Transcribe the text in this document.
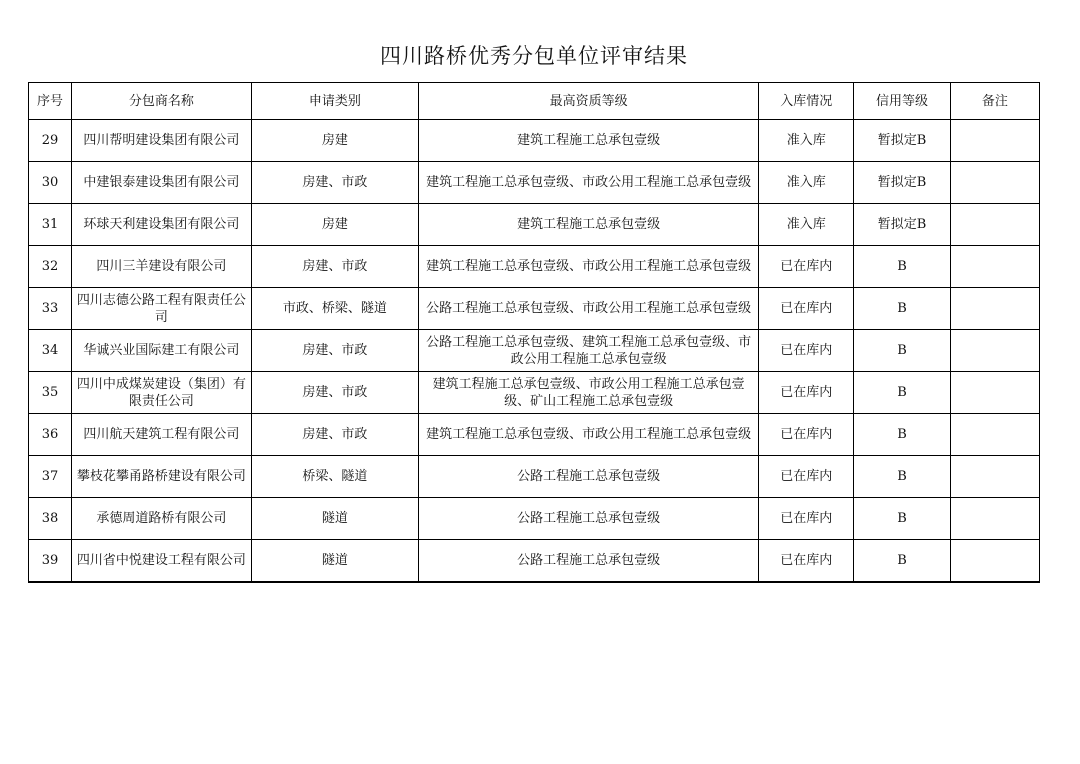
四川路桥优秀分包单位评审结果
序号	分包商名称	申请类别	最高资质等级	入库情况	信用等级	备注
29	四川帮明建设集团有限公司	房建	建筑工程施工总承包壹级	准入库	暂拟定B	
30	中建银泰建设集团有限公司	房建、市政	建筑工程施工总承包壹级、市政公用工程施工总承包壹级	准入库	暂拟定B	
31	环球天利建设集团有限公司	房建	建筑工程施工总承包壹级	准入库	暂拟定B	
32	四川三羊建设有限公司	房建、市政	建筑工程施工总承包壹级、市政公用工程施工总承包壹级	已在库内	B	
33	四川志德公路工程有限责任公司	市政、桥梁、隧道	公路工程施工总承包壹级、市政公用工程施工总承包壹级	已在库内	B	
34	华诚兴业国际建工有限公司	房建、市政	公路工程施工总承包壹级、建筑工程施工总承包壹级、市政公用工程施工总承包壹级	已在库内	B	
35	四川中成煤炭建设（集团）有限责任公司	房建、市政	建筑工程施工总承包壹级、市政公用工程施工总承包壹级、矿山工程施工总承包壹级	已在库内	B	
36	四川航天建筑工程有限公司	房建、市政	建筑工程施工总承包壹级、市政公用工程施工总承包壹级	已在库内	B	
37	攀枝花攀甬路桥建设有限公司	桥梁、隧道	公路工程施工总承包壹级	已在库内	B	
38	承德周道路桥有限公司	隧道	公路工程施工总承包壹级	已在库内	B	
39	四川省中悦建设工程有限公司	隧道	公路工程施工总承包壹级	已在库内	B	
